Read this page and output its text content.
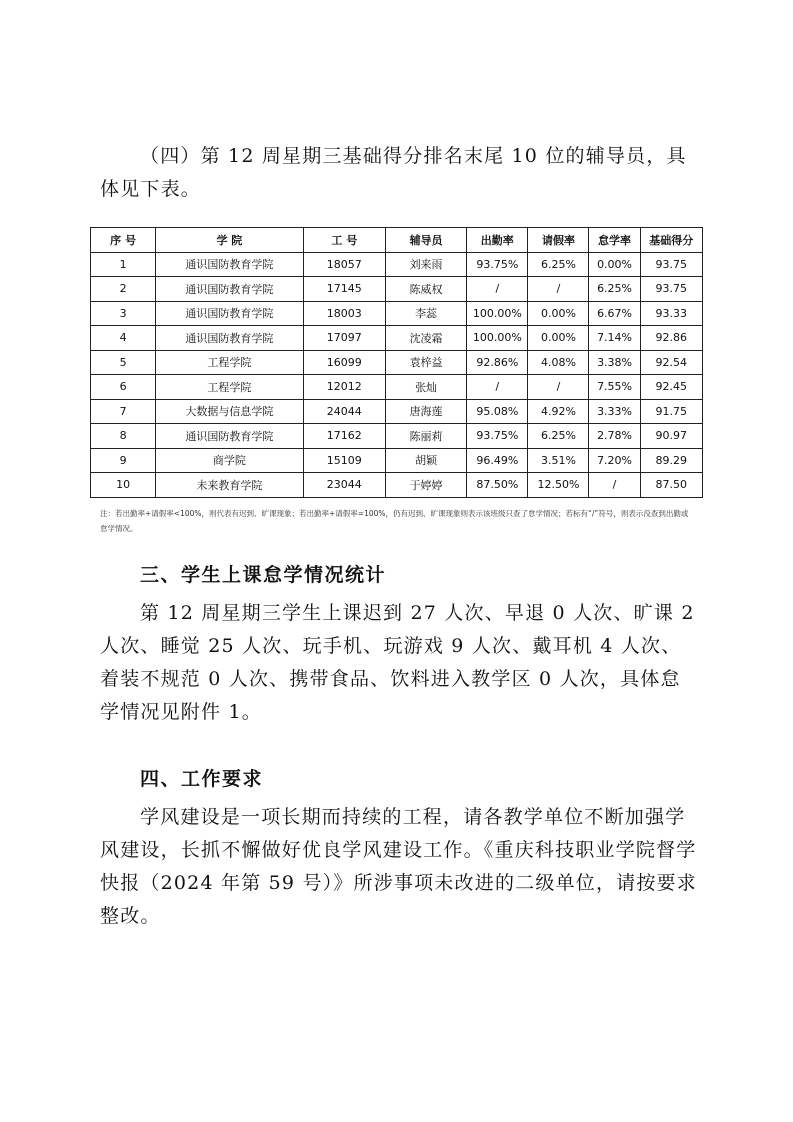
（四）第 12 周星期三基础得分排名末尾 10 位的辅导员，具体见下表。
序 号	学 院	工 号	辅导员	出勤率	请假率	怠学率	基础得分
1	通识国防教育学院	18057	刘来雨	93.75%	6.25%	0.00%	93.75
2	通识国防教育学院	17145	陈威权	/	/	6.25%	93.75
3	通识国防教育学院	18003	李蕊	100.00%	0.00%	6.67%	93.33
4	通识国防教育学院	17097	沈凌霜	100.00%	0.00%	7.14%	92.86
5	工程学院	16099	袁梓益	92.86%	4.08%	3.38%	92.54
6	工程学院	12012	张灿	/	/	7.55%	92.45
7	大数据与信息学院	24044	唐海莲	95.08%	4.92%	3.33%	91.75
8	通识国防教育学院	17162	陈丽莉	93.75%	6.25%	2.78%	90.97
9	商学院	15109	胡颖	96.49%	3.51%	7.20%	89.29
10	未来教育学院	23044	于婷婷	87.50%	12.50%	/	87.50
注：若出勤率+请假率<100%，则代表有迟到、旷课现象；若出勤率+请假率=100%，仍有迟到、旷课现象则表示该班级只查了怠学情况；若标有“/”符号，则表示没查到出勤或怠学情况。
三、学生上课怠学情况统计
第 12 周星期三学生上课迟到 27 人次、早退 0 人次、旷课 2 人次、睡觉 25 人次、玩手机、玩游戏 9 人次、戴耳机 4 人次、着装不规范 0 人次、携带食品、饮料进入教学区 0 人次，具体怠学情况见附件 1。
四、工作要求
学风建设是一项长期而持续的工程，请各教学单位不断加强学风建设，长抓不懈做好优良学风建设工作。《重庆科技职业学院督学快报（2024 年第 59 号）》所涉事项未改进的二级单位，请按要求整改。
